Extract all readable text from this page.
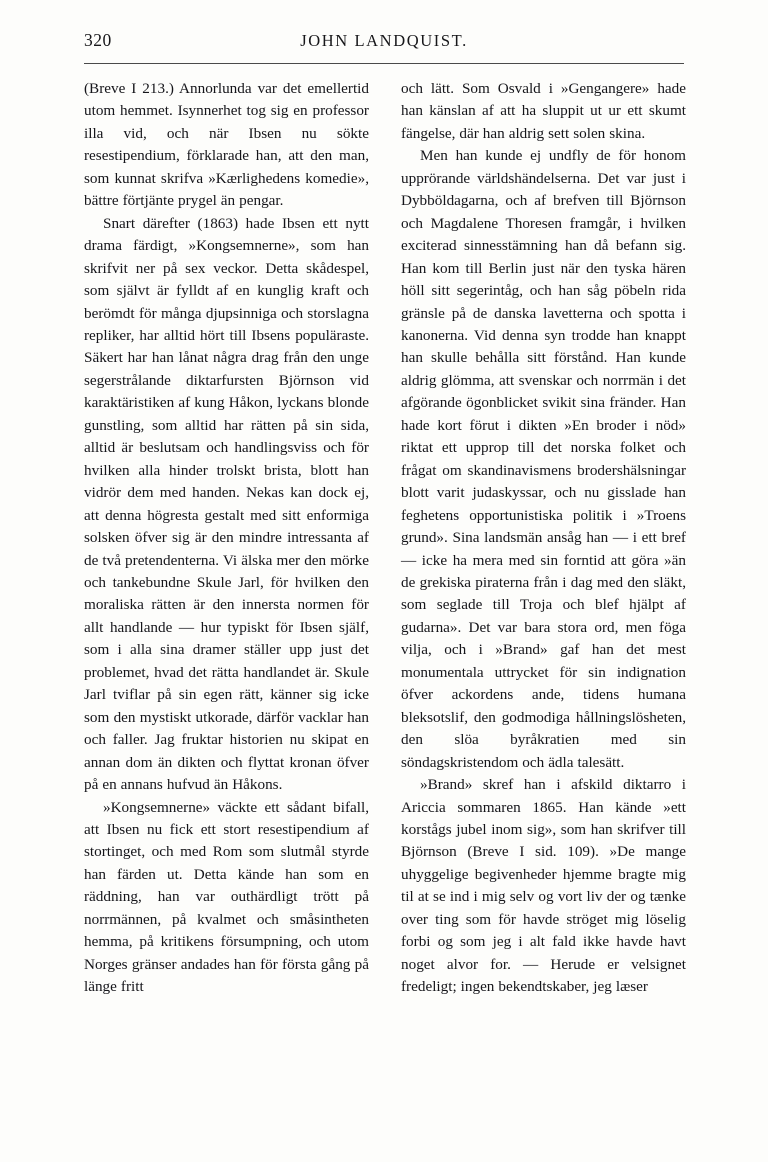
320	JOHN LANDQUIST.

(Breve I 213.) Annorlunda var det emellertid utom hemmet. Isynnerhet tog sig en professor illa vid, och när Ibsen nu sökte resestipendium, förklarade han, att den man, som kunnat skrifva »Kærlighedens komedie», bättre förtjänte prygel än pengar.

Snart därefter (1863) hade Ibsen ett nytt drama färdigt, »Kongsemnerne», som han skrifvit ner på sex veckor. Detta skådespel, som självt är fylldt af en kunglig kraft och berömdt för många djupsinniga och storslagna repliker, har alltid hört till Ibsens populäraste. Säkert har han lånat några drag från den unge segerstrålande diktarfursten Björnson vid karaktäristiken af kung Håkon, lyckans blonde gunstling, som alltid har rätten på sin sida, alltid är beslutsam och handlingsviss och för hvilken alla hinder trolskt brista, blott han vidrör dem med handen. Nekas kan dock ej, att denna högresta gestalt med sitt enformiga solsken öfver sig är den mindre intressanta af de två pretendenterna. Vi älska mer den mörke och tankebundne Skule Jarl, för hvilken den moraliska rätten är den innersta normen för allt handlande — hur typiskt för Ibsen själf, som i alla sina dramer ställer upp just det problemet, hvad det rätta handlandet är. Skule Jarl tviflar på sin egen rätt, känner sig icke som den mystiskt utkorade, därför vacklar han och faller. Jag fruktar historien nu skipat en annan dom än dikten och flyttat kronan öfver på en annans hufvud än Håkons.

»Kongsemnerne» väckte ett sådant bifall, att Ibsen nu fick ett stort resestipendium af stortinget, och med Rom som slutmål styrde han färden ut. Detta kände han som en räddning, han var outhärdligt trött på norrmännen, på kvalmet och småsintheten hemma, på kritikens försumpning, och utom Norges gränser andades han för första gång på länge fritt

och lätt. Som Osvald i »Gengangere» hade han känslan af att ha sluppit ut ur ett skumt fängelse, där han aldrig sett solen skina.

Men han kunde ej undfly de för honom upprörande världshändelserna. Det var just i Dybböldagarna, och af brefven till Björnson och Magdalene Thoresen framgår, i hvilken exciterad sinnesstämning han då befann sig. Han kom till Berlin just när den tyska hären höll sitt segerintåg, och han såg pöbeln rida gränsle på de danska lavetterna och spotta i kanonerna. Vid denna syn trodde han knappt han skulle behålla sitt förstånd. Han kunde aldrig glömma, att svenskar och norrmän i det afgörande ögonblicket svikit sina fränder. Han hade kort förut i dikten »En broder i nöd» riktat ett upprop till det norska folket och frågat om skandinavismens brodershälsningar blott varit judaskyssar, och nu gisslade han feghetens opportunistiska politik i »Troens grund». Sina landsmän ansåg han — i ett bref — icke ha mera med sin forntid att göra »än de grekiska piraterna från i dag med den släkt, som seglade till Troja och blef hjälpt af gudarna». Det var bara stora ord, men föga vilja, och i »Brand» gaf han det mest monumentala uttrycket för sin indignation öfver ackordens ande, tidens humana bleksotslif, den godmodiga hållningslösheten, den slöa byråkratien med sin söndagskristendom och ädla talesätt.

»Brand» skref han i afskild diktarro i Ariccia sommaren 1865. Han kände »ett korstågs jubel inom sig», som han skrifver till Björnson (Breve I sid. 109). »De mange uhyggelige begivenheder hjemme bragte mig til at se ind i mig selv og vort liv der og tænke over ting som för havde ströget mig löselig forbi og som jeg i alt fald ikke havde havt noget alvor for. — Herude er velsignet fredeligt; ingen bekendtskaber, jeg læser
